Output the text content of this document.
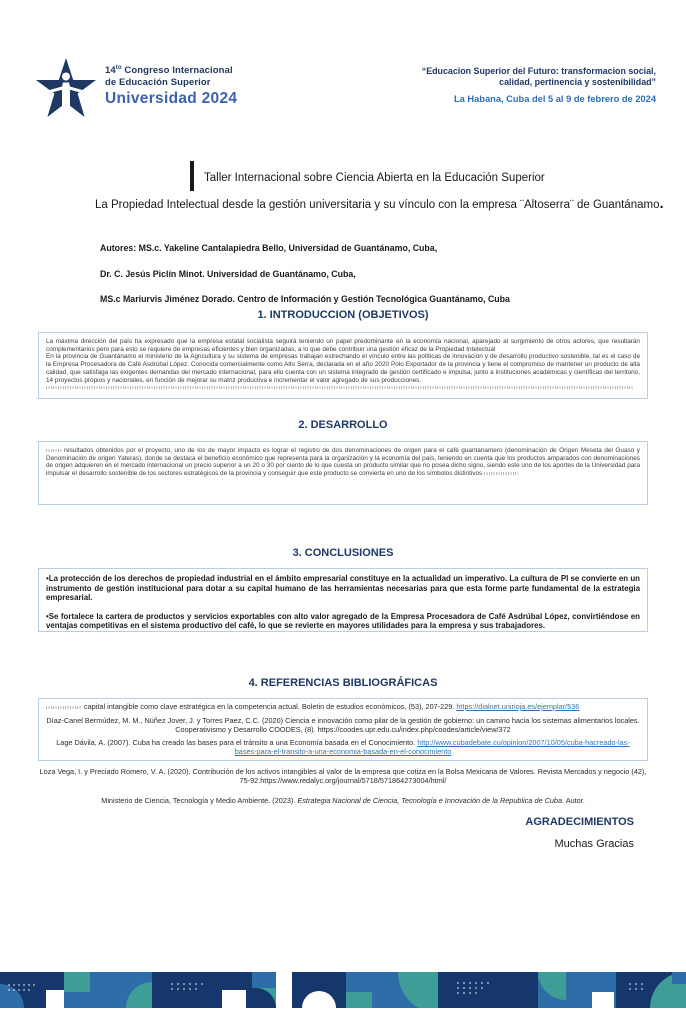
$14^{to}$ Congreso Internacional
de Educación Superior
Universidad 2024
“Educacion Superior del Futuro: transformacion social,
calidad, pertinencia y sostenibilidad”
La Habana, Cuba del 5 al 9 de febrero de 2024
Taller Internacional sobre Ciencia Abierta en la Educación Superior
La Propiedad Intelectual desde la gestión universitaria y su vínculo con la empresa ¨Altoserra¨ de Guantánamo.
Autores: MS.c. Yakeline Cantalapiedra Bello, Universidad de Guantánamo, Cuba,
Dr. C. Jesús Piclín Minot. Universidad de Guantánamo, Cuba,
MS.c Mariurvis Jiménez Dorado. Centro de Información y Gestión Tecnológica Guantánamo, Cuba
1. INTRODUCCION (OBJETIVOS)

La máxima dirección del país ha expresado que la empresa estatal socialista seguirá teniendo un papel predominante en la economía nacional, aparejado al surgimiento de otros actores, que resultarán complementarios pero para esto se requiere de empresas eficientes y bien organizadas, a lo que debe contribuir una gestión eficaz de la Propiedad Intelectual

En la provincia de Guantánamo el ministerio de la Agricultura y su sistema de empresas trabajan estrechando el vínculo entre las políticas de innovación y de desarrollo productivo sostenible, tal es el caso de la Empresa Procesadora de Café Asdrúbal López. Conocida comercialmente como Alto Serra, declarada en el año 2020 Polo Exportador de la provincia y tiene el compromiso de mantener un producto de alta calidad, que satisfaga las exigentes demandas del mercado internacional, para ello cuenta con un sistema integrado de gestión certificado e impulsa, junto a instituciones académicas y científicas del territorio, 14 proyectos propios y nacionales, en función de mejorar su matriz productiva e incrementar el valor agregado de sus producciones.

2. DESARROLLO

resultados obtenidos por el proyecto, uno de los de mayor impacto es lograr el registro de dos denominaciones de origen para el café guantanamero (denominación de Origen Meseta del Guaso y Denominación de origen Yateras), donde se destaca el beneficio económico que representa para la organización y la economía del país, teniendo en cuenta que los productos amparados con denominaciones de origen adquieren en el mercado internacional un precio superior a un 20 o 30 por ciento de lo que cuesta un producto similar que no posea dicho signo, siendo este uno de los aportes de la Universidad para impulsar el desarrollo sostenible de los sectores estratégicos de la provincia y conseguir que este producto se convierta en uno de los símbolos distintivos

3. CONCLUSIONES

•La protección de los derechos de propiedad industrial en el ámbito empresarial constituye en la actualidad un imperativo. La cultura de PI se convierte en un instrumento de gestión institucional para dotar a su capital humano de las herramientas necesarias para que esta forme parte fundamental de la estrategia empresarial.

•Se fortalece la cartera de productos y servicios exportables con alto valor agregado de la Empresa Procesadora de Café Asdrúbal López, convirtiéndose en ventajas competitivas en el sistema productivo del café, lo que se revierte en mayores utilidades para la empresa y sus trabajadores.

4. REFERENCIAS BIBLIOGRÁFICAS

capital intangible como clave estratégica en la competencia actual. Boletin de estudios económicos, (53), 207-229. https://dialnet.unirioja.es/ejemplar/536

Díaz-Canel Bermúdez, M. M., Núñez Jover, J. y Torres Paez, C.C. (2020) Ciencia e innovación como pilar de la gestión de gobierno: un camino hacia los sistemas alimentarios locales. Cooperativismo y Desarrollo COODES, (8). https://coodes.upr.edu.cu/index.php/coodes/article/view/372

Lage Dávila, A. (2007). Cuba ha creado las bases para el tránsito a una Economía basada en el Conocimiento. http://www.cubadebate.cu/opinion/2007/10/05/cuba-hacreado-las-bases-para-el-transito-a-una-economia-basada-en-el-conocimiento

Loza Vega, I. y Preciado Romero, V. A. (2020). Contribución de los activos intangibles al valor de la empresa que cotiza en la Bolsa Mexicana de Valores. Revista Mercados y negocio (42), 75-92.https://www.redalyc.org/journal/5718/571864273004/html/
Ministerio de Ciencia, Tecnología y Medio Ambiente. (2023). Estrategia Nacional de Ciencia, Tecnología e Innovación de la Republica de Cuba. Autor.
AGRADECIMIENTOS
Muchas Gracias
